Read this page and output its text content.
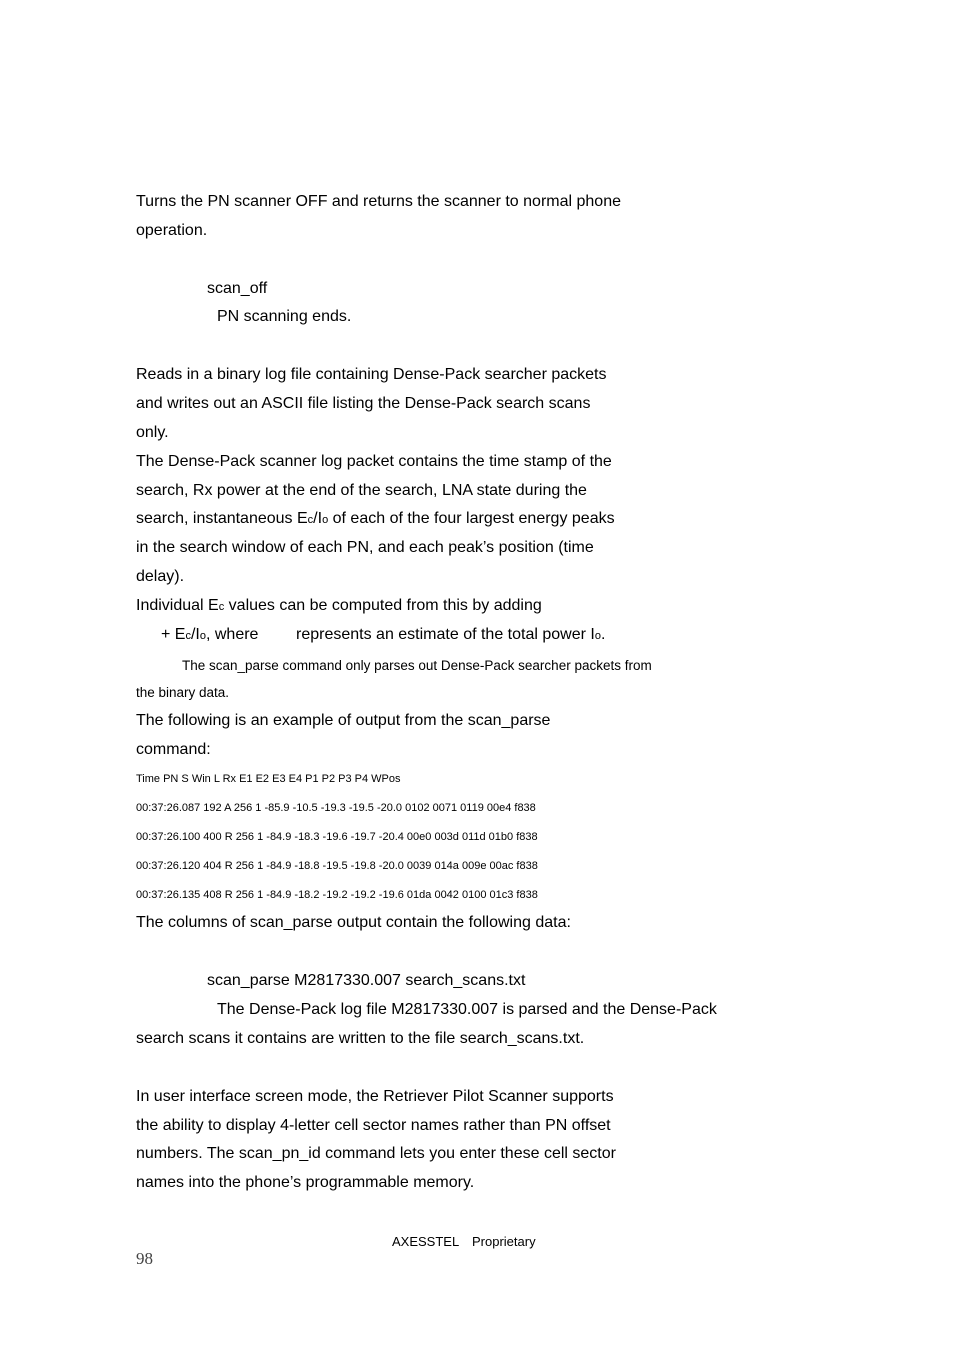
Turns the PN scanner OFF and returns the scanner to normal phone
operation.
scan_off
PN scanning ends.
Reads in a binary log file containing Dense-Pack searcher packets
and writes out an ASCII file listing the Dense-Pack search scans
only.
The Dense-Pack scanner log packet contains the time stamp of the
search, Rx power at the end of the search, LNA state during the
search, instantaneous Ec/Io of each of the four largest energy peaks
in the search window of each PN, and each peak’s position (time
delay).
Individual Ec values can be computed from this by adding
+ Ec/Io, where represents an estimate of the total power Io.
The scan_parse command only parses out Dense-Pack searcher packets from
the binary data.
The following is an example of output from the scan_parse
command:
Time PN S Win L Rx E1 E2 E3 E4 P1 P2 P3 P4 WPos
00:37:26.087 192 A 256 1 -85.9 -10.5 -19.3 -19.5 -20.0 0102 0071 0119 00e4 f838
00:37:26.100 400 R 256 1 -84.9 -18.3 -19.6 -19.7 -20.4 00e0 003d 011d 01b0 f838
00:37:26.120 404 R 256 1 -84.9 -18.8 -19.5 -19.8 -20.0 0039 014a 009e 00ac f838
00:37:26.135 408 R 256 1 -84.9 -18.2 -19.2 -19.2 -19.6 01da 0042 0100 01c3 f838
The columns of scan_parse output contain the following data:
scan_parse M2817330.007 search_scans.txt
The Dense-Pack log file M2817330.007 is parsed and the Dense-Pack
search scans it contains are written to the file search_scans.txt.
In user interface screen mode, the Retriever Pilot Scanner supports
the ability to display 4-letter cell sector names rather than PN offset
numbers. The scan_pn_id command lets you enter these cell sector
names into the phone’s programmable memory.
AXESSTEL Proprietary
98
